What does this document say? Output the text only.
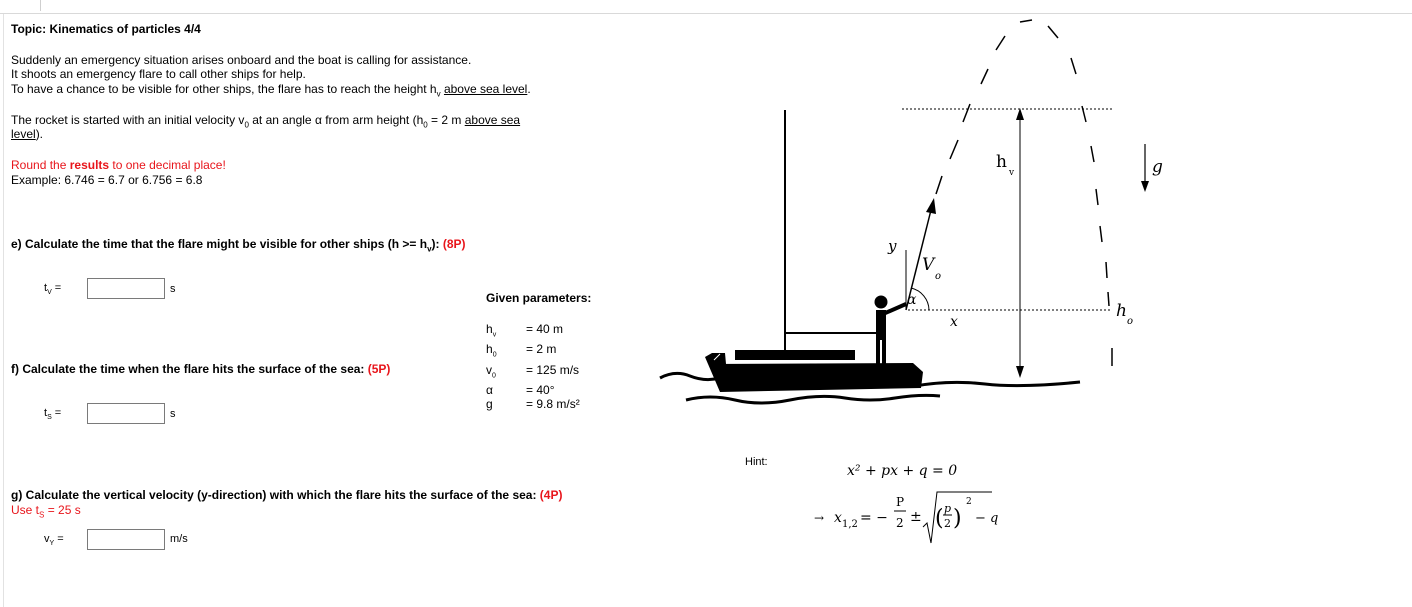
Topic: Kinematics of particles 4/4
Suddenly an emergency situation arises onboard and the boat is calling for assistance.
It shoots an emergency flare to call other ships for help.
To have a chance to be visible for other ships, the flare has to reach the height $h_v$ above sea level.
The rocket is started with an initial velocity $v_0$ at an angle α from arm height ($h_0 = 2$ m above sea
level).
Round the results to one decimal place!
Example: 6.746 = 6.7 or 6.756 = 6.8
e) Calculate the time that the flare might be visible for other ships $(h >= h_v)$: (8P)
$t_V$ =	s
Given parameters:
$h_v$	= 40 m
$h_0$	= 2 m
$v_0$	= 125 m/s
α	= 40°
g	= 9.8 m/s²
f) Calculate the time when the flare hits the surface of the sea: (5P)
$t_S$ =	s
g) Calculate the vertical velocity (y-direction) with which the flare hits the surface of the sea: (4P)
Use $t_S = 25$ s
$v_Y$ =	m/s
Hint:
x² + px + q = 0
→ x 1,2 = −
P
2 ± ( p
2 )
2
− q
h
v
x
h
o
y
V
o
α
g
